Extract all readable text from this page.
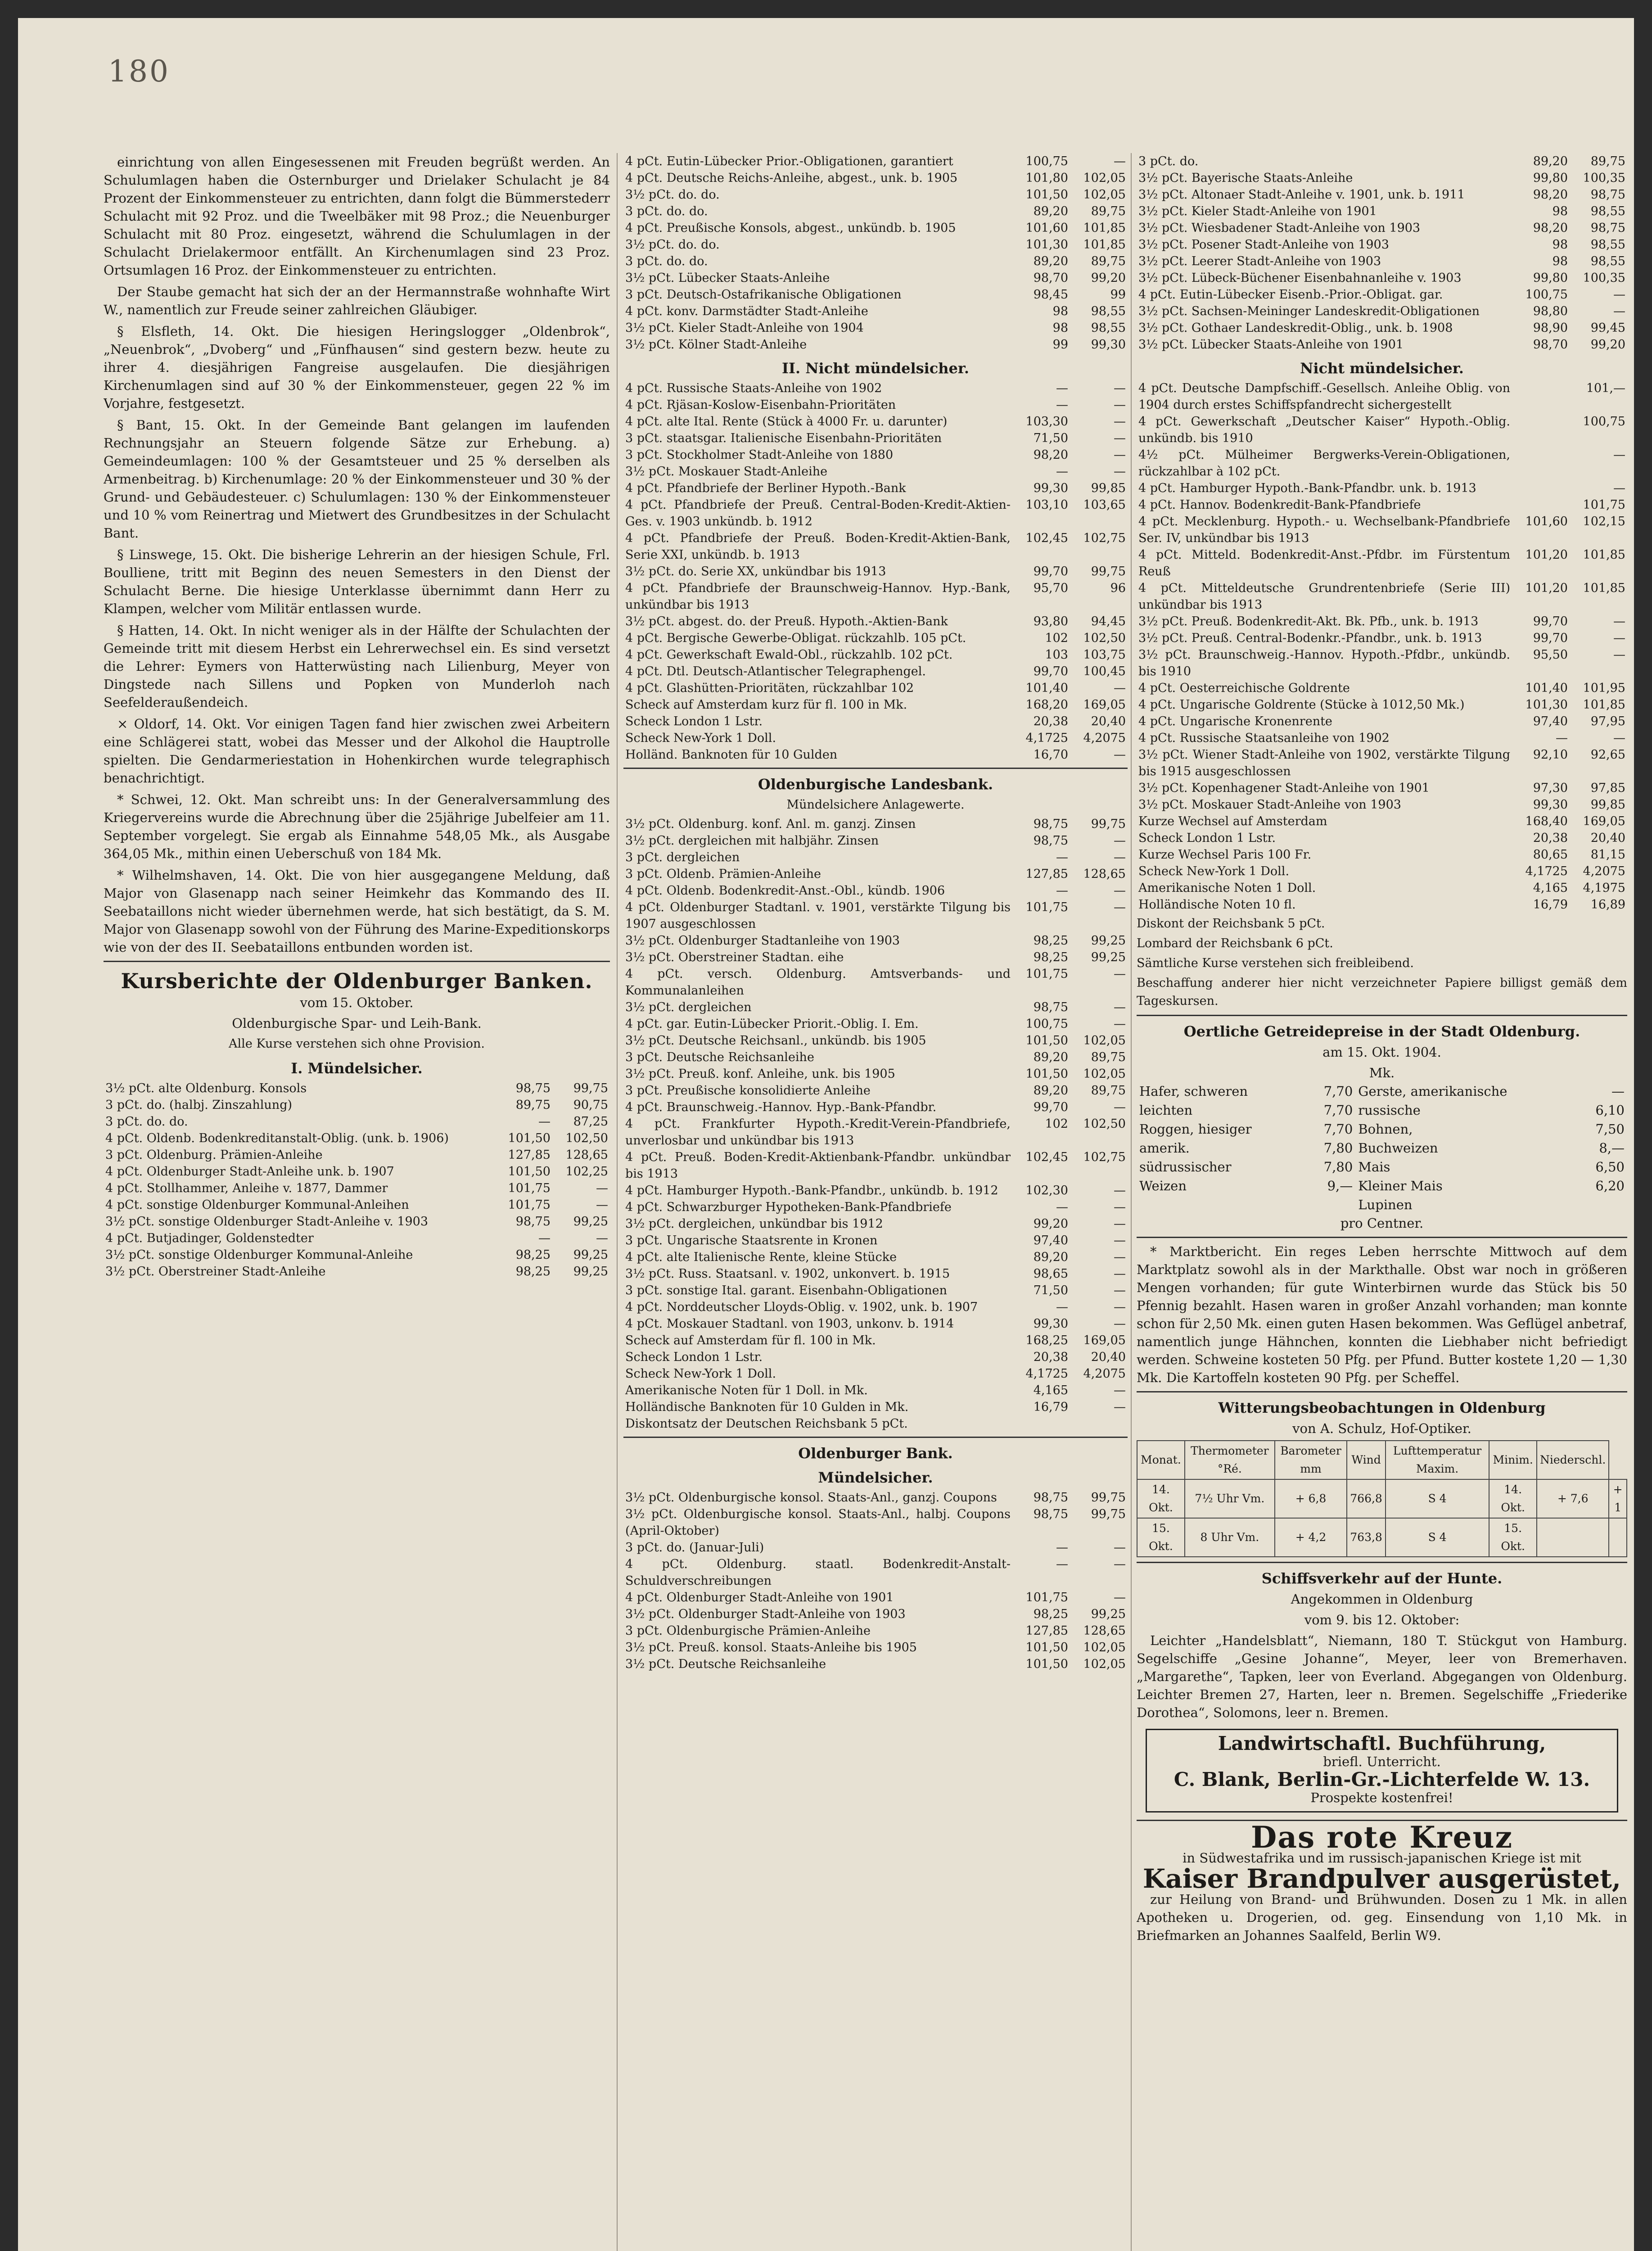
180

einrichtung von allen Eingesessenen mit Freuden begrüßt werden. An Schulumlagen haben die Osternburger und Drielaker Schulacht je 84 Prozent der Einkommensteuer zu entrichten, dann folgt die Bümmerstederr Schulacht mit 92 Proz. und die Tweelbäker mit 98 Proz.; die Neuenburger Schulacht mit 80 Proz. eingesetzt, während die Schulumlagen in der Schulacht Drielakermoor entfällt. An Kirchenumlagen sind 23 Proz. Ortsumlagen 16 Proz. der Einkommensteuer zu entrichten.

Der Staube gemacht hat sich der an der Hermannstraße wohnhafte Wirt W., namentlich zur Freude seiner zahlreichen Gläubiger.

§ Elsfleth, 14. Okt. Die hiesigen Heringslogger „Oldenbrok“, „Neuenbrok“, „Dvoberg“ und „Fünfhausen“ sind gestern bezw. heute zu ihrer 4. diesjährigen Fangreise ausgelaufen. Die diesjährigen Kirchenumlagen sind auf 30 % der Einkommensteuer, gegen 22 % im Vorjahre, festgesetzt.

§ Bant, 15. Okt. In der Gemeinde Bant gelangen im laufenden Rechnungsjahr an Steuern folgende Sätze zur Erhebung. a) Gemeindeumlagen: 100 % der Gesamtsteuer und 25 % derselben als Armenbeitrag. b) Kirchenumlage: 20 % der Einkommensteuer und 30 % der Grund- und Gebäudesteuer. c) Schulumlagen: 130 % der Einkommensteuer und 10 % vom Reinertrag und Mietwert des Grundbesitzes in der Schulacht Bant.

§ Linswege, 15. Okt. Die bisherige Lehrerin an der hiesigen Schule, Frl. Boulliene, tritt mit Beginn des neuen Semesters in den Dienst der Schulacht Berne. Die hiesige Unterklasse übernimmt dann Herr zu Klampen, welcher vom Militär entlassen wurde.

§ Hatten, 14. Okt. In nicht weniger als in der Hälfte der Schulachten der Gemeinde tritt mit diesem Herbst ein Lehrerwechsel ein. Es sind versetzt die Lehrer: Eymers von Hatterwüsting nach Lilienburg, Meyer von Dingstede nach Sillens und Popken von Munderloh nach Seefelderaußendeich.

× Oldorf, 14. Okt. Vor einigen Tagen fand hier zwischen zwei Arbeitern eine Schlägerei statt, wobei das Messer und der Alkohol die Hauptrolle spielten. Die Gendarmeriestation in Hohenkirchen wurde telegraphisch benachrichtigt.

* Schwei, 12. Okt. Man schreibt uns: In der Generalversammlung des Kriegervereins wurde die Abrechnung über die 25jährige Jubelfeier am 11. September vorgelegt. Sie ergab als Einnahme 548,05 Mk., als Ausgabe 364,05 Mk., mithin einen Ueberschuß von 184 Mk.

* Wilhelmshaven, 14. Okt. Die von hier ausgegangene Meldung, daß Major von Glasenapp nach seiner Heimkehr das Kommando des II. Seebataillons nicht wieder übernehmen werde, hat sich bestätigt, da S. M. Major von Glasenapp sowohl von der Führung des Marine-Expeditionskorps wie von der des II. Seebataillons entbunden worden ist.

Kursberichte der Oldenburger Banken.
vom 15. Oktober.
Oldenburgische Spar- und Leih-Bank.
Alle Kurse verstehen sich ohne Provision.
I. Mündelsicher.
3½ pCt. alte Oldenburg. Konsols	98,75	99,75
3 pCt. do. (halbj. Zinszahlung)	89,75	90,75
3 pCt. do. do.	—	87,25
4 pCt. Oldenb. Bodenkreditanstalt-Oblig. (unk. b. 1906)	101,50	102,50
3 pCt. Oldenburg. Prämien-Anleihe	127,85	128,65
4 pCt. Oldenburger Stadt-Anleihe unk. b. 1907	101,50	102,25
4 pCt. Stollhammer, Anleihe v. 1877, Dammer	101,75	—
4 pCt. sonstige Oldenburger Kommunal-Anleihen	101,75	—
3½ pCt. sonstige Oldenburger Stadt-Anleihe v. 1903	98,75	99,25
4 pCt. Butjadinger, Goldenstedter	—	—
3½ pCt. sonstige Oldenburger Kommunal-Anleihe	98,25	99,25
3½ pCt. Oberstreiner Stadt-Anleihe	98,25	99,25
4 pCt. Eutin-Lübecker Prior.-Obligationen, garantiert	100,75	—
4 pCt. Deutsche Reichs-Anleihe, abgest., unk. b. 1905	101,80	102,05
3½ pCt. do. do.	101,50	102,05
3 pCt. do. do.	89,20	89,75
4 pCt. Preußische Konsols, abgest., unkündb. b. 1905	101,60	101,85
3½ pCt. do. do.	101,30	101,85
3 pCt. do. do.	89,20	89,75
3½ pCt. Lübecker Staats-Anleihe	98,70	99,20
3 pCt. Deutsch-Ostafrikanische Obligationen	98,45	99
4 pCt. konv. Darmstädter Stadt-Anleihe	98	98,55
3½ pCt. Kieler Stadt-Anleihe von 1904	98	98,55
3½ pCt. Kölner Stadt-Anleihe	99	99,30
II. Nicht mündelsicher.
4 pCt. Russische Staats-Anleihe von 1902	—	—
4 pCt. Rjäsan-Koslow-Eisenbahn-Prioritäten	—	—
4 pCt. alte Ital. Rente (Stück à 4000 Fr. u. darunter)	103,30	—
3 pCt. staatsgar. Italienische Eisenbahn-Prioritäten	71,50	—
3 pCt. Stockholmer Stadt-Anleihe von 1880	98,20	—
3½ pCt. Moskauer Stadt-Anleihe	—	—
4 pCt. Pfandbriefe der Berliner Hypoth.-Bank	99,30	99,85
4 pCt. Pfandbriefe der Preuß. Central-Boden-Kredit-Aktien-Ges. v. 1903 unkündb. b. 1912	103,10	103,65
4 pCt. Pfandbriefe der Preuß. Boden-Kredit-Aktien-Bank, Serie XXI, unkündb. b. 1913	102,45	102,75
3½ pCt. do. Serie XX, unkündbar bis 1913	99,70	99,75
4 pCt. Pfandbriefe der Braunschweig-Hannov. Hyp.-Bank, unkündbar bis 1913	95,70	96
3½ pCt. abgest. do. der Preuß. Hypoth.-Aktien-Bank	93,80	94,45
4 pCt. Bergische Gewerbe-Obligat. rückzahlb. 105 pCt.	102	102,50
4 pCt. Gewerkschaft Ewald-Obl., rückzahlb. 102 pCt.	103	103,75
4 pCt. Dtl. Deutsch-Atlantischer Telegraphengel.	99,70	100,45
4 pCt. Glashütten-Prioritäten, rückzahlbar 102	101,40	—
Scheck auf Amsterdam kurz für fl. 100 in Mk.	168,20	169,05
Scheck London 1 Lstr.	20,38	20,40
Scheck New-York 1 Doll.	4,1725	4,2075
Holländ. Banknoten für 10 Gulden	16,70	—
Oldenburgische Landesbank.
Mündelsichere Anlagewerte.
3½ pCt. Oldenburg. konf. Anl. m. ganzj. Zinsen	98,75	99,75
3½ pCt. dergleichen mit halbjähr. Zinsen	98,75	—
3 pCt. dergleichen	—	—
3 pCt. Oldenb. Prämien-Anleihe	127,85	128,65
4 pCt. Oldenb. Bodenkredit-Anst.-Obl., kündb. 1906	—	—
4 pCt. Oldenburger Stadtanl. v. 1901, verstärkte Tilgung bis 1907 ausgeschlossen	101,75	—
3½ pCt. Oldenburger Stadtanleihe von 1903	98,25	99,25
3½ pCt. Oberstreiner Stadtan. eihe	98,25	99,25
4 pCt. versch. Oldenburg. Amtsverbands- und Kommunalanleihen	101,75	—
3½ pCt. dergleichen	98,75	—
4 pCt. gar. Eutin-Lübecker Priorit.-Oblig. I. Em.	100,75	—
3½ pCt. Deutsche Reichsanl., unkündb. bis 1905	101,50	102,05
3 pCt. Deutsche Reichsanleihe	89,20	89,75
3½ pCt. Preuß. konf. Anleihe, unk. bis 1905	101,50	102,05
3 pCt. Preußische konsolidierte Anleihe	89,20	89,75
4 pCt. Braunschweig.-Hannov. Hyp.-Bank-Pfandbr.	99,70	—
4 pCt. Frankfurter Hypoth.-Kredit-Verein-Pfandbriefe, unverlosbar und unkündbar bis 1913	102	102,50
4 pCt. Preuß. Boden-Kredit-Aktienbank-Pfandbr. unkündbar bis 1913	102,45	102,75
4 pCt. Hamburger Hypoth.-Bank-Pfandbr., unkündb. b. 1912	102,30	—
4 pCt. Schwarzburger Hypotheken-Bank-Pfandbriefe	—	—
3½ pCt. dergleichen, unkündbar bis 1912	99,20	—
3 pCt. Ungarische Staatsrente in Kronen	97,40	—
4 pCt. alte Italienische Rente, kleine Stücke	89,20	—
3½ pCt. Russ. Staatsanl. v. 1902, unkonvert. b. 1915	98,65	—
3 pCt. sonstige Ital. garant. Eisenbahn-Obligationen	71,50	—
4 pCt. Norddeutscher Lloyds-Oblig. v. 1902, unk. b. 1907	—	—
4 pCt. Moskauer Stadtanl. von 1903, unkonv. b. 1914	99,30	—
Scheck auf Amsterdam für fl. 100 in Mk.	168,25	169,05
Scheck London 1 Lstr.	20,38	20,40
Scheck New-York 1 Doll.	4,1725	4,2075
Amerikanische Noten für 1 Doll. in Mk.	4,165	—
Holländische Banknoten für 10 Gulden in Mk.	16,79	—
Diskontsatz der Deutschen Reichsbank 5 pCt.		
Oldenburger Bank.
Mündelsicher.
3½ pCt. Oldenburgische konsol. Staats-Anl., ganzj. Coupons	98,75	99,75
3½ pCt. Oldenburgische konsol. Staats-Anl., halbj. Coupons (April-Oktober)	98,75	99,75
3 pCt. do. (Januar-Juli)	—	—
4 pCt. Oldenburg. staatl. Bodenkredit-Anstalt-Schuldverschreibungen	—	—
4 pCt. Oldenburger Stadt-Anleihe von 1901	101,75	—
3½ pCt. Oldenburger Stadt-Anleihe von 1903	98,25	99,25
3 pCt. Oldenburgische Prämien-Anleihe	127,85	128,65
3½ pCt. Preuß. konsol. Staats-Anleihe bis 1905	101,50	102,05
3½ pCt. Deutsche Reichsanleihe	101,50	102,05
3 pCt. do.	89,20	89,75
3½ pCt. Bayerische Staats-Anleihe	99,80	100,35
3½ pCt. Altonaer Stadt-Anleihe v. 1901, unk. b. 1911	98,20	98,75
3½ pCt. Kieler Stadt-Anleihe von 1901	98	98,55
3½ pCt. Wiesbadener Stadt-Anleihe von 1903	98,20	98,75
3½ pCt. Posener Stadt-Anleihe von 1903	98	98,55
3½ pCt. Leerer Stadt-Anleihe von 1903	98	98,55
3½ pCt. Lübeck-Büchener Eisenbahnanleihe v. 1903	99,80	100,35
4 pCt. Eutin-Lübecker Eisenb.-Prior.-Obligat. gar.	100,75	—
3½ pCt. Sachsen-Meininger Landeskredit-Obligationen	98,80	—
3½ pCt. Gothaer Landeskredit-Oblig., unk. b. 1908	98,90	99,45
3½ pCt. Lübecker Staats-Anleihe von 1901	98,70	99,20
Nicht mündelsicher.
4 pCt. Deutsche Dampfschiff.-Gesellsch. Anleihe Oblig. von 1904 durch erstes Schiffspfandrecht sichergestellt		101,—
4 pCt. Gewerkschaft „Deutscher Kaiser“ Hypoth.-Oblig. unkündb. bis 1910		100,75
4½ pCt. Mülheimer Bergwerks-Verein-Obligationen, rückzahlbar à 102 pCt.		—
4 pCt. Hamburger Hypoth.-Bank-Pfandbr. unk. b. 1913		—
4 pCt. Hannov. Bodenkredit-Bank-Pfandbriefe		101,75
4 pCt. Mecklenburg. Hypoth.- u. Wechselbank-Pfandbriefe Ser. IV, unkündbar bis 1913	101,60	102,15
4 pCt. Mitteld. Bodenkredit-Anst.-Pfdbr. im Fürstentum Reuß	101,20	101,85
4 pCt. Mitteldeutsche Grundrentenbriefe (Serie III) unkündbar bis 1913	101,20	101,85
3½ pCt. Preuß. Bodenkredit-Akt. Bk. Pfb., unk. b. 1913	99,70	—
3½ pCt. Preuß. Central-Bodenkr.-Pfandbr., unk. b. 1913	99,70	—
3½ pCt. Braunschweig.-Hannov. Hypoth.-Pfdbr., unkündb. bis 1910	95,50	—
4 pCt. Oesterreichische Goldrente	101,40	101,95
4 pCt. Ungarische Goldrente (Stücke à 1012,50 Mk.)	101,30	101,85
4 pCt. Ungarische Kronenrente	97,40	97,95
4 pCt. Russische Staatsanleihe von 1902	—	—
3½ pCt. Wiener Stadt-Anleihe von 1902, verstärkte Tilgung bis 1915 ausgeschlossen	92,10	92,65
3½ pCt. Kopenhagener Stadt-Anleihe von 1901	97,30	97,85
3½ pCt. Moskauer Stadt-Anleihe von 1903	99,30	99,85
Kurze Wechsel auf Amsterdam	168,40	169,05
Scheck London 1 Lstr.	20,38	20,40
Kurze Wechsel Paris 100 Fr.	80,65	81,15
Scheck New-York 1 Doll.	4,1725	4,2075
Amerikanische Noten 1 Doll.	4,165	4,1975
Holländische Noten 10 fl.	16,79	16,89
Diskont der Reichsbank 5 pCt.
Lombard der Reichsbank 6 pCt.
Sämtliche Kurse verstehen sich freibleibend.
Beschaffung anderer hier nicht verzeichneter Papiere billigst gemäß dem Tageskursen.
Oertliche Getreidepreise in der Stadt Oldenburg.
am 15. Okt. 1904.
Mk.
Hafer, schweren	7,70	Gerste, amerikanische	—
leichten	7,70	russische	6,10
Roggen, hiesiger	7,70	Bohnen,	7,50
amerik.	7,80	Buchweizen	8,—
südrussischer	7,80	Mais	6,50
Weizen	9,—	Kleiner Mais	6,20
		Lupinen	
pro Centner.

* Marktbericht. Ein reges Leben herrschte Mittwoch auf dem Marktplatz sowohl als in der Markthalle. Obst war noch in größeren Mengen vorhanden; für gute Winterbirnen wurde das Stück bis 50 Pfennig bezahlt. Hasen waren in großer Anzahl vorhanden; man konnte schon für 2,50 Mk. einen guten Hasen bekommen. Was Geflügel anbetraf, namentlich junge Hähnchen, konnten die Liebhaber nicht befriedigt werden. Schweine kosteten 50 Pfg. per Pfund. Butter kostete 1,20 — 1,30 Mk. Die Kartoffeln kosteten 90 Pfg. per Scheffel.

Witterungsbeobachtungen in Oldenburg
von A. Schulz, Hof-Optiker.
Monat.	Thermometer °Ré.	Barometer mm	Wind	Lufttemperatur Maxim.	Minim.	Niederschl.	
14. Okt.	7½ Uhr Vm.	+ 6,8	766,8	S 4	14. Okt.	+ 7,6	+ 1
15. Okt.	8 Uhr Vm.	+ 4,2	763,8	S 4	15. Okt.		
Schiffsverkehr auf der Hunte.
Angekommen in Oldenburg
vom 9. bis 12. Oktober:

Leichter „Handelsblatt“, Niemann, 180 T. Stückgut von Hamburg. Segelschiffe „Gesine Johanne“, Meyer, leer von Bremerhaven. „Margarethe“, Tapken, leer von Everland. Abgegangen von Oldenburg. Leichter Bremen 27, Harten, leer n. Bremen. Segelschiffe „Friederike Dorothea“, Solomons, leer n. Bremen.

Landwirtschaftl. Buchführung,
briefl. Unterricht.
C. Blank, Berlin-Gr.-Lichterfelde W. 13.
Prospekte kostenfrei!
Das rote Kreuz
in Südwestafrika und im russisch-japanischen Kriege ist mit
Kaiser Brandpulver ausgerüstet,

zur Heilung von Brand- und Brühwunden. Dosen zu 1 Mk. in allen Apotheken u. Drogerien, od. geg. Einsendung von 1,10 Mk. in Briefmarken an Johannes Saalfeld, Berlin W9.
